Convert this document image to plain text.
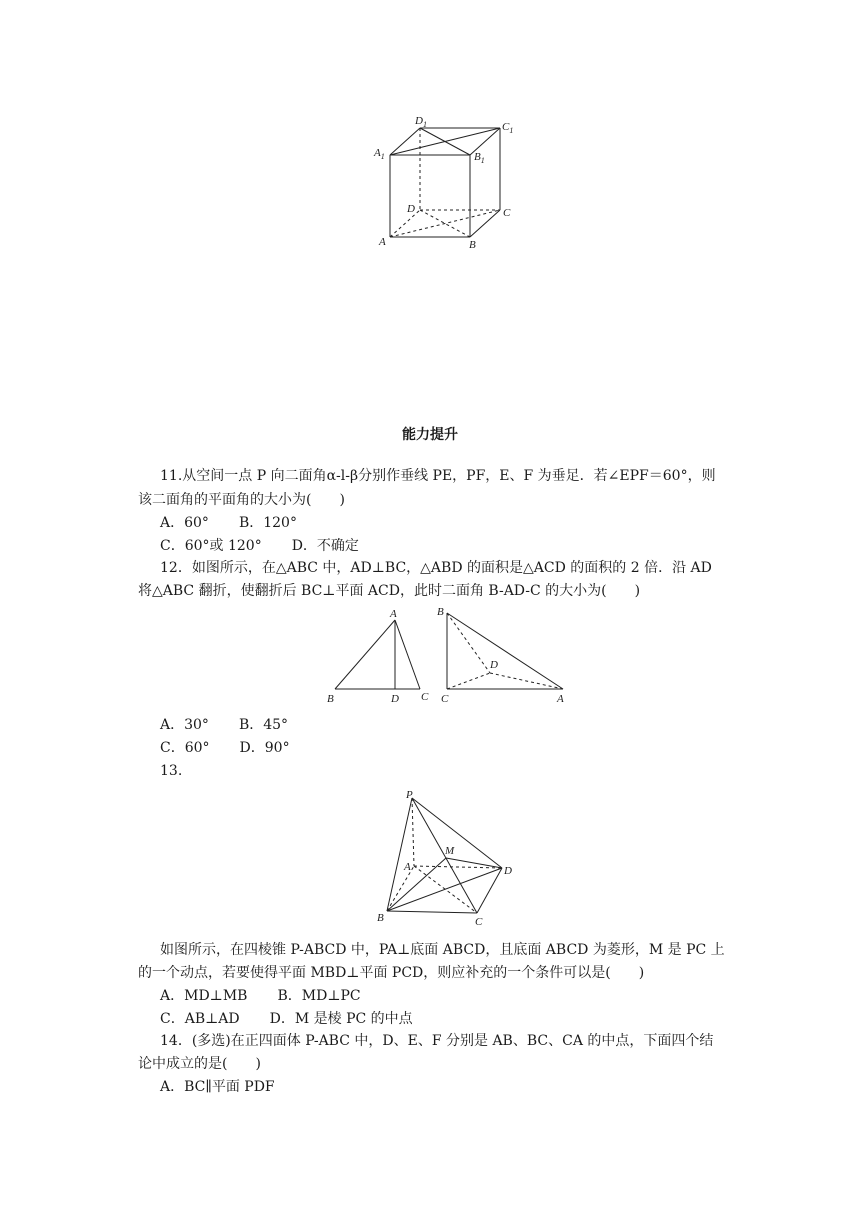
$D_1$	$C_1$
$A_1$	$B_1$
D	C
A	B
能力提升
11.从空间一点 P 向二面角α-l-β分别作垂线 PE，PF，E、F 为垂足．若∠EPF＝60°，则
该二面角的平面角的大小为(　　)
A．60° B．120°
C．60°或 120° D．不确定
12．如图所示，在△ABC 中，AD⊥BC，△ABD 的面积是△ACD 的面积的 2 倍．沿 AD
将△ABC 翻折，使翻折后 BC⊥平面 ACD，此时二面角 B-AD-C 的大小为(　　)
A
B	D C
B
D
C	A
A．30° B．45°
C．60° D．90°
13.
P
A
M
D
B	C
如图所示，在四棱锥 P-ABCD 中，PA⊥底面 ABCD，且底面 ABCD 为菱形，M 是 PC 上
的一个动点，若要使得平面 MBD⊥平面 PCD，则应补充的一个条件可以是(　　)
A．MD⊥MB B．MD⊥PC
C．AB⊥AD D．M 是棱 PC 的中点
14．(多选)在正四面体 P-ABC 中，D、E、F 分别是 AB、BC、CA 的中点，下面四个结
论中成立的是(　　)
A．BC∥平面 PDF
